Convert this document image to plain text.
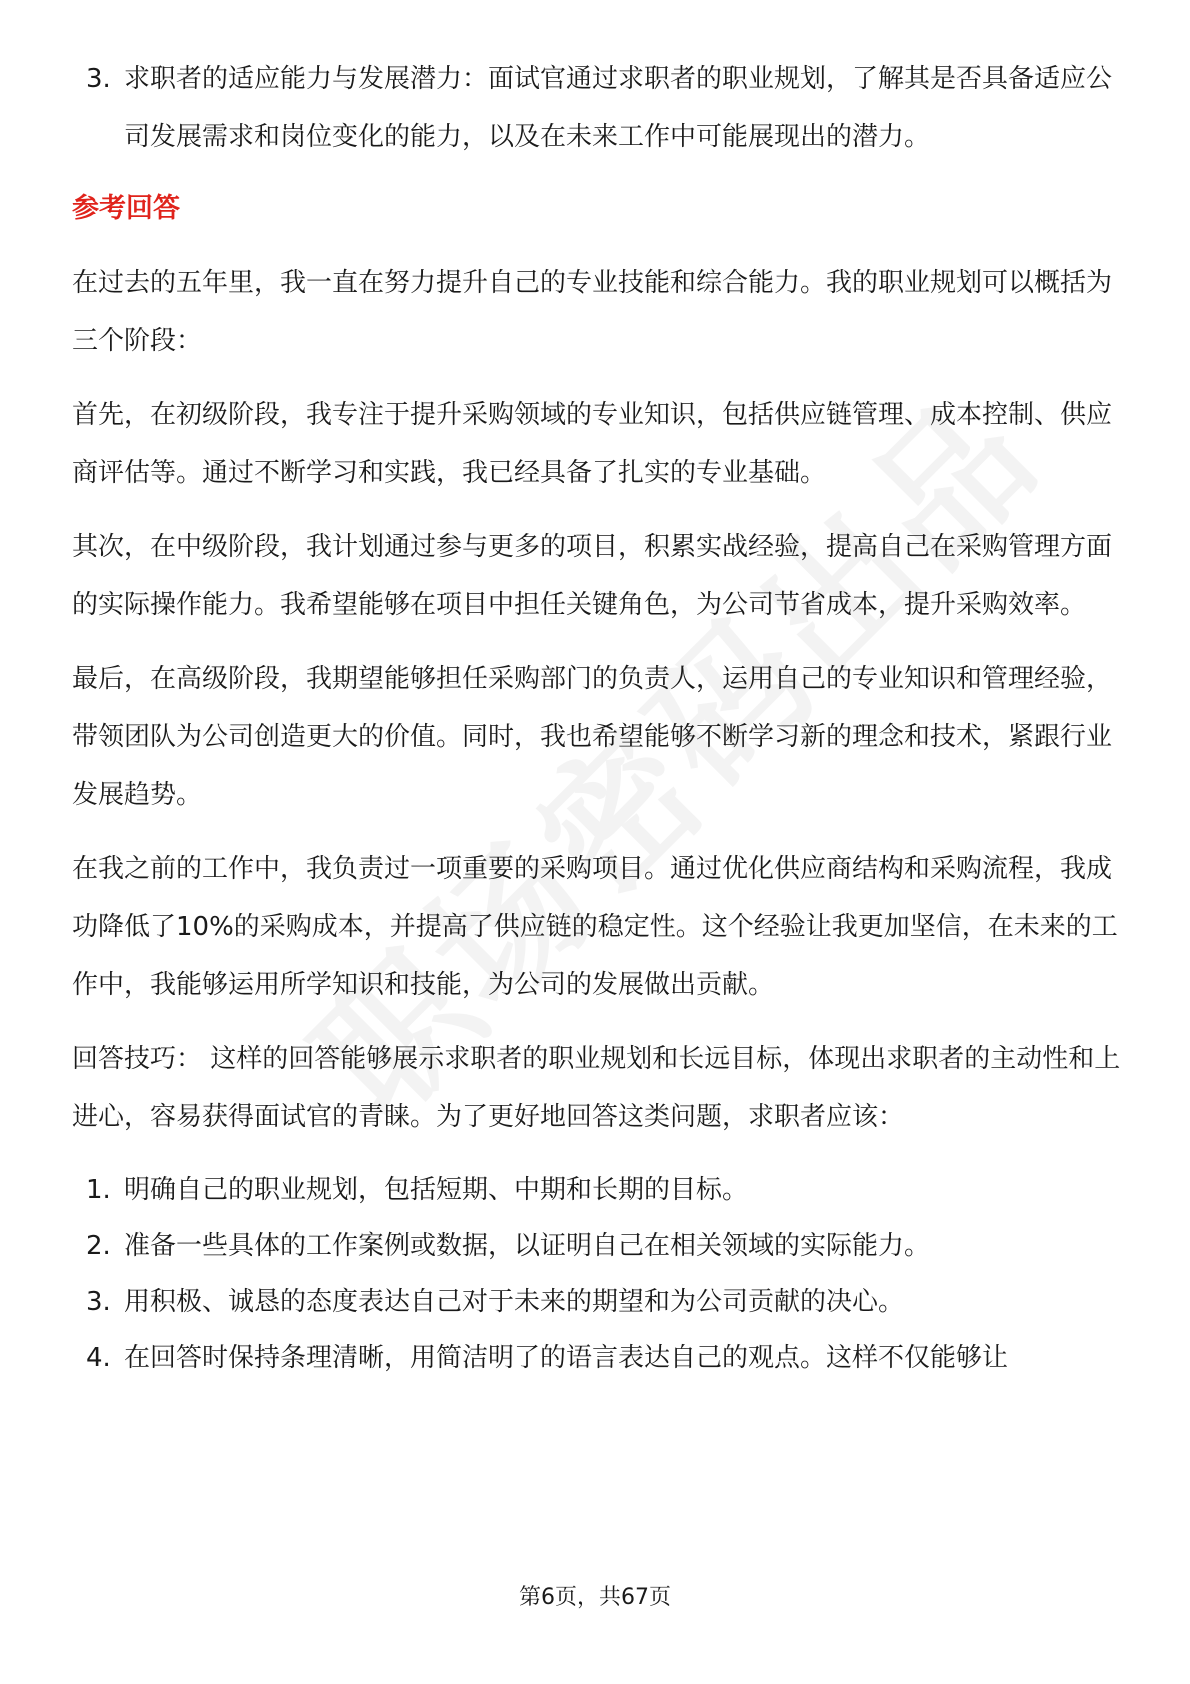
3. 求职者的适应能力与发展潜力：面试官通过求职者的职业规划，了解其是否具备适应公司发展需求和岗位变化的能力，以及在未来工作中可能展现出的潜力。
参考回答
在过去的五年里，我一直在努力提升自己的专业技能和综合能力。我的职业规划可以概括为三个阶段：
首先，在初级阶段，我专注于提升采购领域的专业知识，包括供应链管理、成本控制、供应商评估等。通过不断学习和实践，我已经具备了扎实的专业基础。
其次，在中级阶段，我计划通过参与更多的项目，积累实战经验，提高自己在采购管理方面的实际操作能力。我希望能够在项目中担任关键角色，为公司节省成本，提升采购效率。
最后，在高级阶段，我期望能够担任采购部门的负责人，运用自己的专业知识和管理经验，带领团队为公司创造更大的价值。同时，我也希望能够不断学习新的理念和技术，紧跟行业发展趋势。
在我之前的工作中，我负责过一项重要的采购项目。通过优化供应商结构和采购流程，我成功降低了10%的采购成本，并提高了供应链的稳定性。这个经验让我更加坚信，在未来的工作中，我能够运用所学知识和技能，为公司的发展做出贡献。
回答技巧： 这样的回答能够展示求职者的职业规划和长远目标，体现出求职者的主动性和上进心，容易获得面试官的青睐。为了更好地回答这类问题，求职者应该：
1. 明确自己的职业规划，包括短期、中期和长期的目标。
2. 准备一些具体的工作案例或数据，以证明自己在相关领域的实际能力。
3. 用积极、诚恳的态度表达自己对于未来的期望和为公司贡献的决心。
4. 在回答时保持条理清晰，用简洁明了的语言表达自己的观点。这样不仅能够让
第6页，共67页
